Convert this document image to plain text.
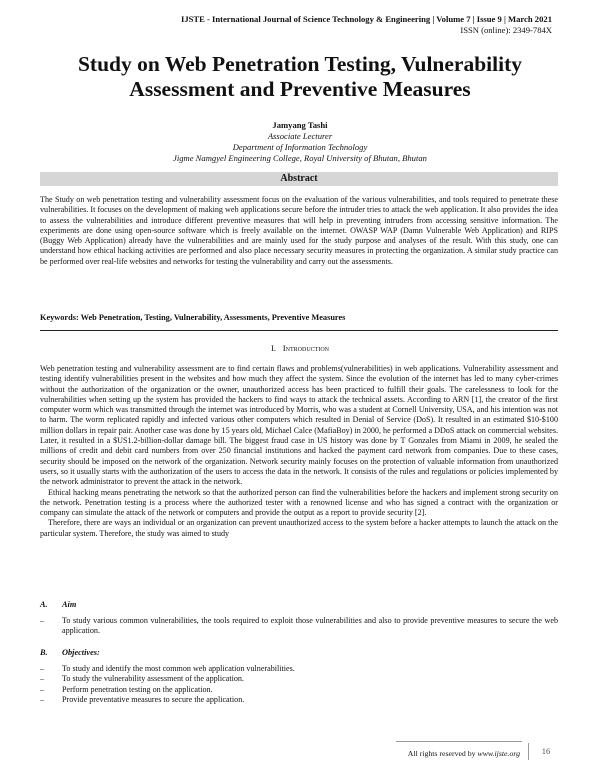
IJSTE - International Journal of Science Technology & Engineering | Volume 7 | Issue 9 | March 2021
ISSN (online): 2349-784X
Study on Web Penetration Testing, Vulnerability
Assessment and Preventive Measures
Jamyang Tashi
Associate Lecturer
Department of Information Technology
Jigme Namgyel Engineering College, Royal University of Bhutan, Bhutan
Abstract
The Study on web penetration testing and vulnerability assessment focus on the evaluation of the various vulnerabilities, and tools required to penetrate these vulnerabilities. It focuses on the development of making web applications secure before the intruder tries to attack the web application. It also provides the idea to assess the vulnerabilities and introduce different preventive measures that will help in preventing intruders from accessing sensitive information. The experiments are done using open-source software which is freely available on the internet. OWASP WAP (Damn Vulnerable Web Application) and RIPS (Buggy Web Application) already have the vulnerabilities and are mainly used for the study purpose and analyses of the result. With this study, one can understand how ethical hacking activities are performed and also place necessary security measures in protecting the organization. A similar study practice can be performed over real-life websites and networks for testing the vulnerability and carry out the assessments.
Keywords: Web Penetration, Testing, Vulnerability, Assessments, Preventive Measures
I. Introduction

Web penetration testing and vulnerability assessment are to find certain flaws and problems(vulnerabilities) in web applications. Vulnerability assessment and testing identify vulnerabilities present in the websites and how much they affect the system. Since the evolution of the internet has led to many cyber-crimes without the authorization of the organization or the owner, unauthorized access has been practiced to fulfill their goals. The carelessness to look for the vulnerabilities when setting up the system has provided the hackers to find ways to attack the technical assets. According to ARN [1], the creator of the first computer worm which was transmitted through the internet was introduced by Morris, who was a student at Cornell University, USA, and his intention was not to harm. The worm replicated rapidly and infected various other computers which resulted in Denial of Service (DoS). It resulted in an estimated $10-$100 million dollars in repair pair. Another case was done by 15 years old, Michael Calce (MafiaBoy) in 2000, he performed a DDoS attack on commercial websites. Later, it resulted in a $US1.2-billion-dollar damage bill. The biggest fraud case in US history was done by T Gonzales from Miami in 2009, he sealed the millions of credit and debit card numbers from over 250 financial institutions and hacked the payment card network from companies. Due to these cases, security should be imposed on the network of the organization. Network security mainly focuses on the protection of valuable information from unauthorized users, so it usually starts with the authorization of the users to access the data in the network. It consists of the rules and regulations or policies implemented by the network administrator to prevent the attack in the network.

Ethical hacking means penetrating the network so that the authorized person can find the vulnerabilities before the hackers and implement strong security on the network. Penetration testing is a process where the authorized tester with a renowned license and who has signed a contract with the organization or company can simulate the attack of the network or computers and provide the output as a report to provide security [2].

Therefore, there are ways an individual or an organization can prevent unauthorized access to the system before a hacker attempts to launch the attack on the particular system. Therefore, the study was aimed to study

A. Aim
–	To study various common vulnerabilities, the tools required to exploit those vulnerabilities and also to provide preventive measures to secure the web application.
B. Objectives:
–	To study and identify the most common web application vulnerabilities.
–	To study the vulnerability assessment of the application.
–	Perform penetration testing on the application.
–	Provide preventative measures to secure the application.
All rights reserved by www.ijste.org	16
